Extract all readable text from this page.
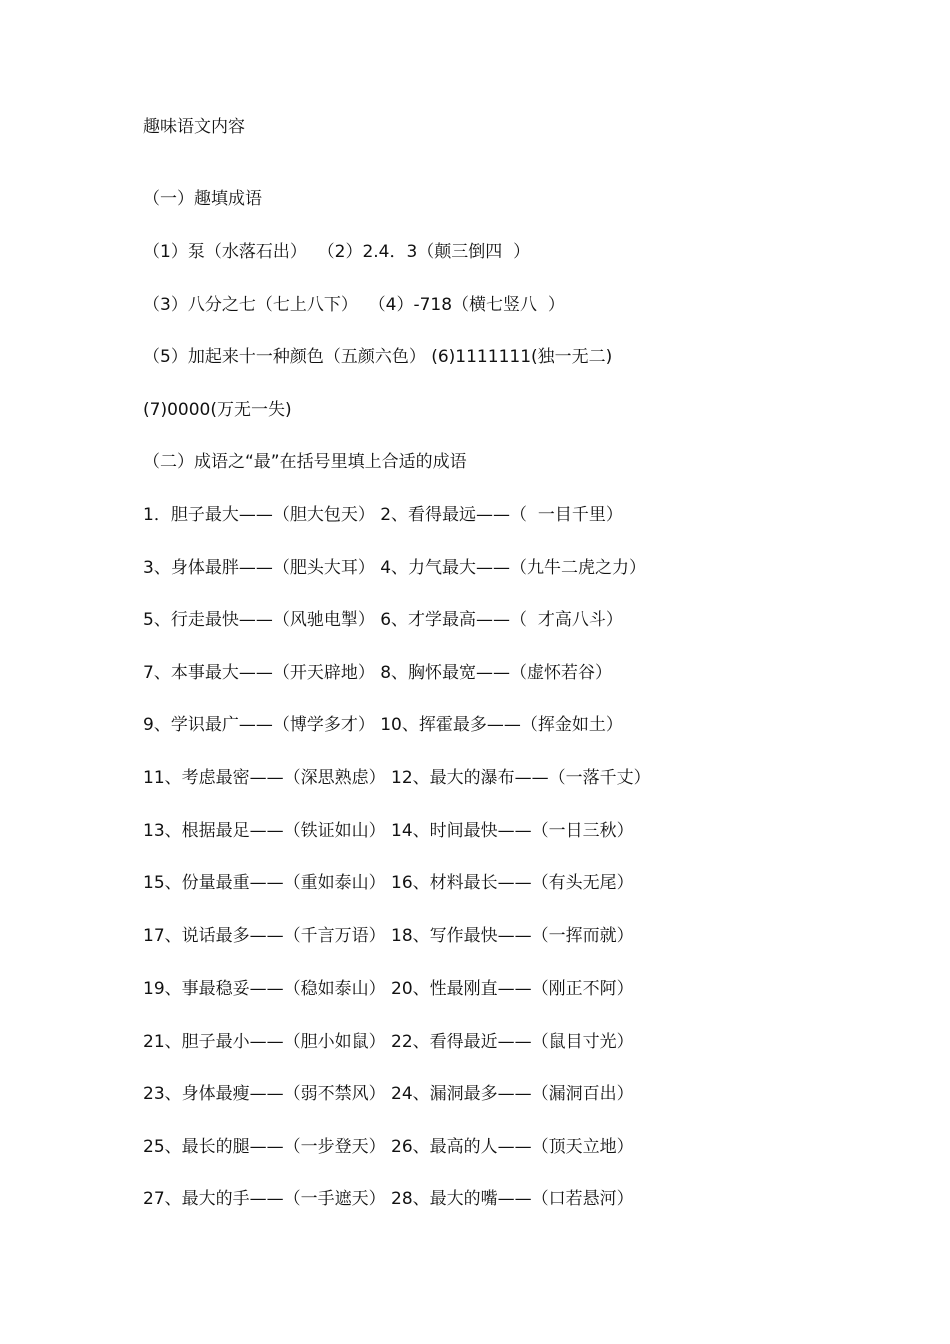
趣味语文内容
（一）趣填成语
（1）泵（水落石出）  （2）2.4．3（颠三倒四  ）
（3）八分之七（七上八下）  （4）-718（横七竖八  ）
（5）加起来十一种颜色（五颜六色） (6)1111111(独一无二)
(7)0000(万无一失)
（二）成语之“最”在括号里填上合适的成语
1．胆子最大——（胆大包天） 2、看得最远——（  一目千里）
3、身体最胖——（肥头大耳） 4、力气最大——（九牛二虎之力）
5、行走最快——（风驰电掣） 6、才学最高——（  才高八斗）
7、本事最大——（开天辟地） 8、胸怀最宽——（虚怀若谷）
9、学识最广——（博学多才） 10、挥霍最多——（挥金如土）
11、考虑最密——（深思熟虑） 12、最大的瀑布——（一落千丈）
13、根据最足——（铁证如山） 14、时间最快——（一日三秋）
15、份量最重——（重如泰山） 16、材料最长——（有头无尾）
17、说话最多——（千言万语） 18、写作最快——（一挥而就）
19、事最稳妥——（稳如泰山） 20、性最刚直——（刚正不阿）
21、胆子最小——（胆小如鼠） 22、看得最近——（鼠目寸光）
23、身体最瘦——（弱不禁风） 24、漏洞最多——（漏洞百出）
25、最长的腿——（一步登天） 26、最高的人——（顶天立地）
27、最大的手——（一手遮天） 28、最大的嘴——（口若悬河）
